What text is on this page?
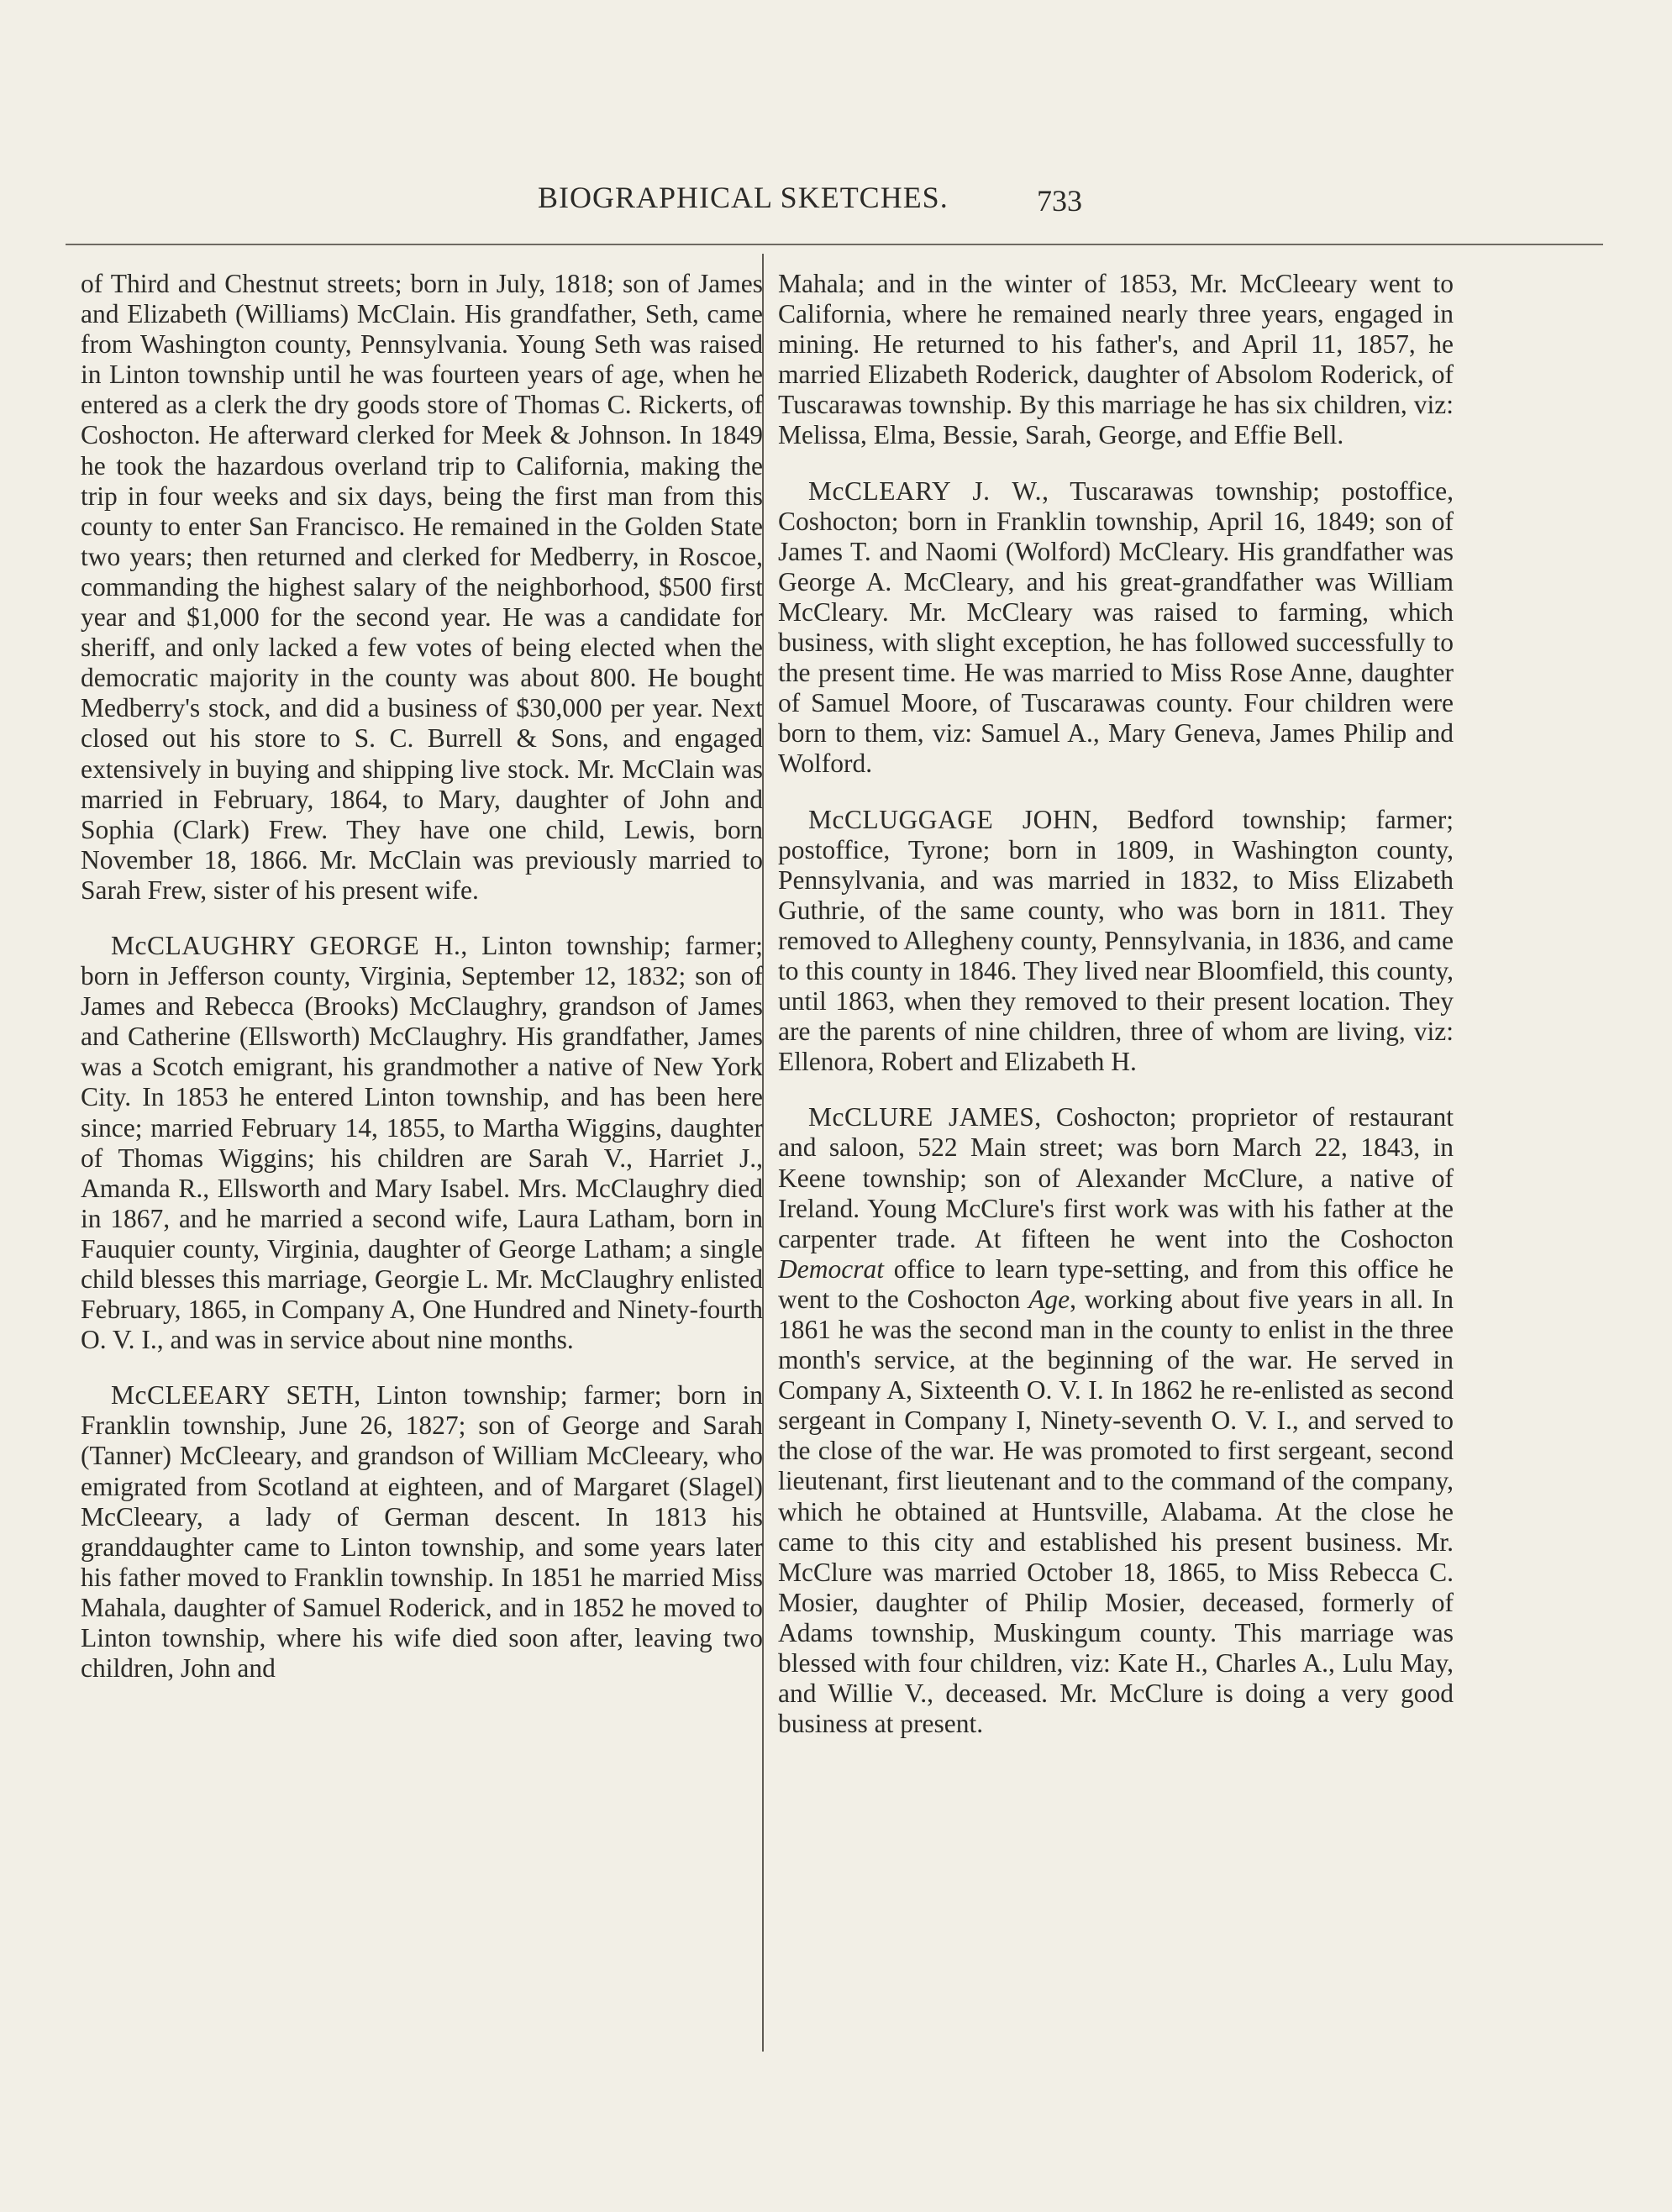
BIOGRAPHICAL SKETCHES.	733

of Third and Chestnut streets; born in July, 1818; son of James and Elizabeth (Williams) McClain. His grandfather, Seth, came from Washington county, Pennsylvania. Young Seth was raised in Linton township until he was fourteen years of age, when he entered as a clerk the dry goods store of Thomas C. Rickerts, of Coshocton. He afterward clerked for Meek & Johnson. In 1849 he took the hazardous overland trip to California, making the trip in four weeks and six days, being the first man from this county to enter San Francisco. He remained in the Golden State two years; then returned and clerked for Medberry, in Roscoe, commanding the highest salary of the neighborhood, $500 first year and $1,000 for the second year. He was a candidate for sheriff, and only lacked a few votes of being elected when the democratic majority in the county was about 800. He bought Medberry's stock, and did a business of $30,000 per year. Next closed out his store to S. C. Burrell & Sons, and engaged extensively in buying and shipping live stock. Mr. McClain was married in February, 1864, to Mary, daughter of John and Sophia (Clark) Frew. They have one child, Lewis, born November 18, 1866. Mr. McClain was previously married to Sarah Frew, sister of his present wife.

McCLAUGHRY GEORGE H., Linton township; farmer; born in Jefferson county, Virginia, September 12, 1832; son of James and Rebecca (Brooks) McClaughry, grandson of James and Catherine (Ellsworth) McClaughry. His grandfather, James was a Scotch emigrant, his grandmother a native of New York City. In 1853 he entered Linton township, and has been here since; married February 14, 1855, to Martha Wiggins, daughter of Thomas Wiggins; his children are Sarah V., Harriet J., Amanda R., Ellsworth and Mary Isabel. Mrs. McClaughry died in 1867, and he married a second wife, Laura Latham, born in Fauquier county, Virginia, daughter of George Latham; a single child blesses this marriage, Georgie L. Mr. McClaughry enlisted February, 1865, in Company A, One Hundred and Ninety-fourth O. V. I., and was in service about nine months.

McCLEEARY SETH, Linton township; farmer; born in Franklin township, June 26, 1827; son of George and Sarah (Tanner) McCleeary, and grandson of William McCleeary, who emigrated from Scotland at eighteen, and of Margaret (Slagel) McCleeary, a lady of German descent. In 1813 his granddaughter came to Linton township, and some years later his father moved to Franklin township. In 1851 he married Miss Mahala, daughter of Samuel Roderick, and in 1852 he moved to Linton township, where his wife died soon after, leaving two children, John and

Mahala; and in the winter of 1853, Mr. McCleeary went to California, where he remained nearly three years, engaged in mining. He returned to his father's, and April 11, 1857, he married Elizabeth Roderick, daughter of Absolom Roderick, of Tuscarawas township. By this marriage he has six children, viz: Melissa, Elma, Bessie, Sarah, George, and Effie Bell.

McCLEARY J. W., Tuscarawas township; postoffice, Coshocton; born in Franklin township, April 16, 1849; son of James T. and Naomi (Wolford) McCleary. His grandfather was George A. McCleary, and his great-grandfather was William McCleary. Mr. McCleary was raised to farming, which business, with slight exception, he has followed successfully to the present time. He was married to Miss Rose Anne, daughter of Samuel Moore, of Tuscarawas county. Four children were born to them, viz: Samuel A., Mary Geneva, James Philip and Wolford.

McCLUGGAGE JOHN, Bedford township; farmer; postoffice, Tyrone; born in 1809, in Washington county, Pennsylvania, and was married in 1832, to Miss Elizabeth Guthrie, of the same county, who was born in 1811. They removed to Allegheny county, Pennsylvania, in 1836, and came to this county in 1846. They lived near Bloomfield, this county, until 1863, when they removed to their present location. They are the parents of nine children, three of whom are living, viz: Ellenora, Robert and Elizabeth H.

McCLURE JAMES, Coshocton; proprietor of restaurant and saloon, 522 Main street; was born March 22, 1843, in Keene township; son of Alexander McClure, a native of Ireland. Young McClure's first work was with his father at the carpenter trade. At fifteen he went into the Coshocton Democrat office to learn type-setting, and from this office he went to the Coshocton Age, working about five years in all. In 1861 he was the second man in the county to enlist in the three month's service, at the beginning of the war. He served in Company A, Sixteenth O. V. I. In 1862 he re-enlisted as second sergeant in Company I, Ninety-seventh O. V. I., and served to the close of the war. He was promoted to first sergeant, second lieutenant, first lieutenant and to the command of the company, which he obtained at Huntsville, Alabama. At the close he came to this city and established his present business. Mr. McClure was married October 18, 1865, to Miss Rebecca C. Mosier, daughter of Philip Mosier, deceased, formerly of Adams township, Muskingum county. This marriage was blessed with four children, viz: Kate H., Charles A., Lulu May, and Willie V., deceased. Mr. McClure is doing a very good business at present.
